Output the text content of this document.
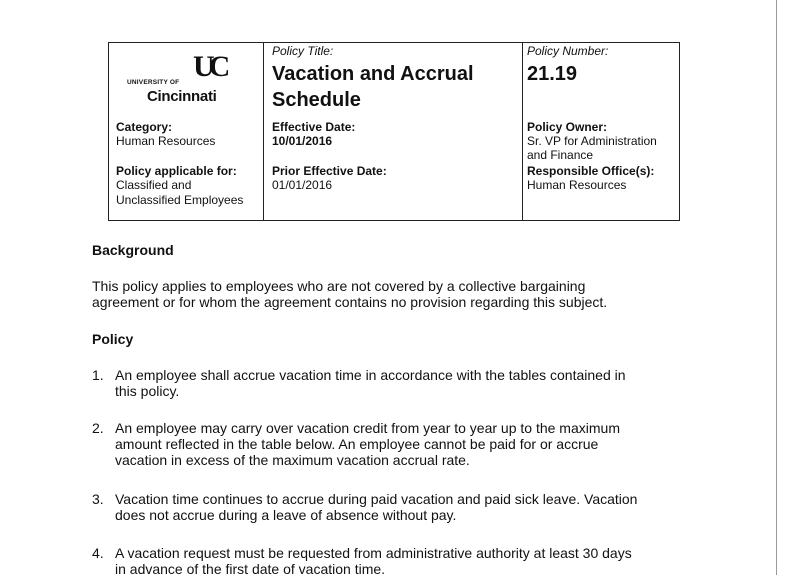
UNIVERSITY OF UC
Cincinnati
Category:
Human Resources
Policy applicable for:
Classified and
Unclassified Employees
Policy Title:
Vacation and Accrual
Schedule
Effective Date:
10/01/2016
Prior Effective Date:
01/01/2016
Policy Number:
21.19
Policy Owner:
Sr. VP for Administration
and Finance
Responsible Office(s):
Human Resources
Background
This policy applies to employees who are not covered by a collective bargaining
agreement or for whom the agreement contains no provision regarding this subject.
Policy
1. An employee shall accrue vacation time in accordance with the tables contained in
this policy.
2. An employee may carry over vacation credit from year to year up to the maximum
amount reflected in the table below. An employee cannot be paid for or accrue
vacation in excess of the maximum vacation accrual rate.
3. Vacation time continues to accrue during paid vacation and paid sick leave. Vacation
does not accrue during a leave of absence without pay.
4. A vacation request must be requested from administrative authority at least 30 days
in advance of the first date of vacation time.
